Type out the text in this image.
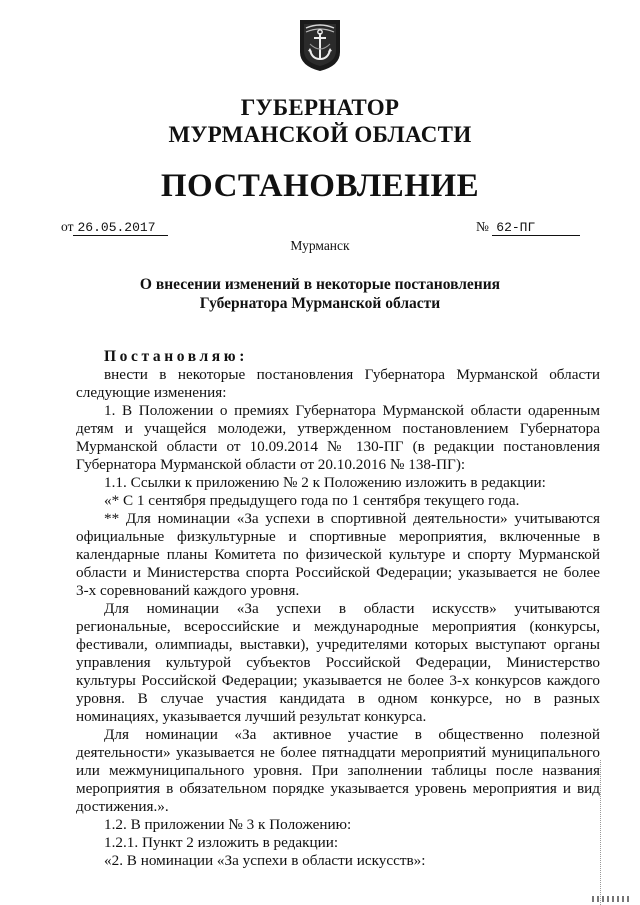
ГУБЕРНАТОР
МУРМАНСКОЙ ОБЛАСТИ
ПОСТАНОВЛЕНИЕ
от 26.05.2017	№ 62-ПГ
Мурманск
О внесении изменений в некоторые постановления
Губернатора Мурманской области
Постановляю:
внести в некоторые постановления Губернатора Мурманской области
следующие изменения:
1. В Положении о премиях Губернатора Мурманской области одаренным
детям и учащейся молодежи, утвержденном постановлением Губернатора
Мурманской области от 10.09.2014 № 130-ПГ (в редакции постановления
Губернатора Мурманской области от 20.10.2016 № 138-ПГ):
1.1. Ссылки к приложению № 2 к Положению изложить в редакции:
«* С 1 сентября предыдущего года по 1 сентября текущего года.
** Для номинации «За успехи в спортивной деятельности» учитываются
официальные физкультурные и спортивные мероприятия, включенные в
календарные планы Комитета по физической культуре и спорту Мурманской
области и Министерства спорта Российской Федерации; указывается не более
3-х соревнований каждого уровня.
Для номинации «За успехи в области искусств» учитываются
региональные, всероссийские и международные мероприятия (конкурсы,
фестивали, олимпиады, выставки), учредителями которых выступают органы
управления культурой субъектов Российской Федерации, Министерство
культуры Российской Федерации; указывается не более 3-х конкурсов каждого
уровня. В случае участия кандидата в одном конкурсе, но в разных
номинациях, указывается лучший результат конкурса.
Для номинации «За активное участие в общественно полезной
деятельности» указывается не более пятнадцати мероприятий муниципального
или межмуниципального уровня. При заполнении таблицы после названия
мероприятия в обязательном порядке указывается уровень мероприятия и вид
достижения.».
1.2. В приложении № 3 к Положению:
1.2.1. Пункт 2 изложить в редакции:
«2. В номинации «За успехи в области искусств»:
